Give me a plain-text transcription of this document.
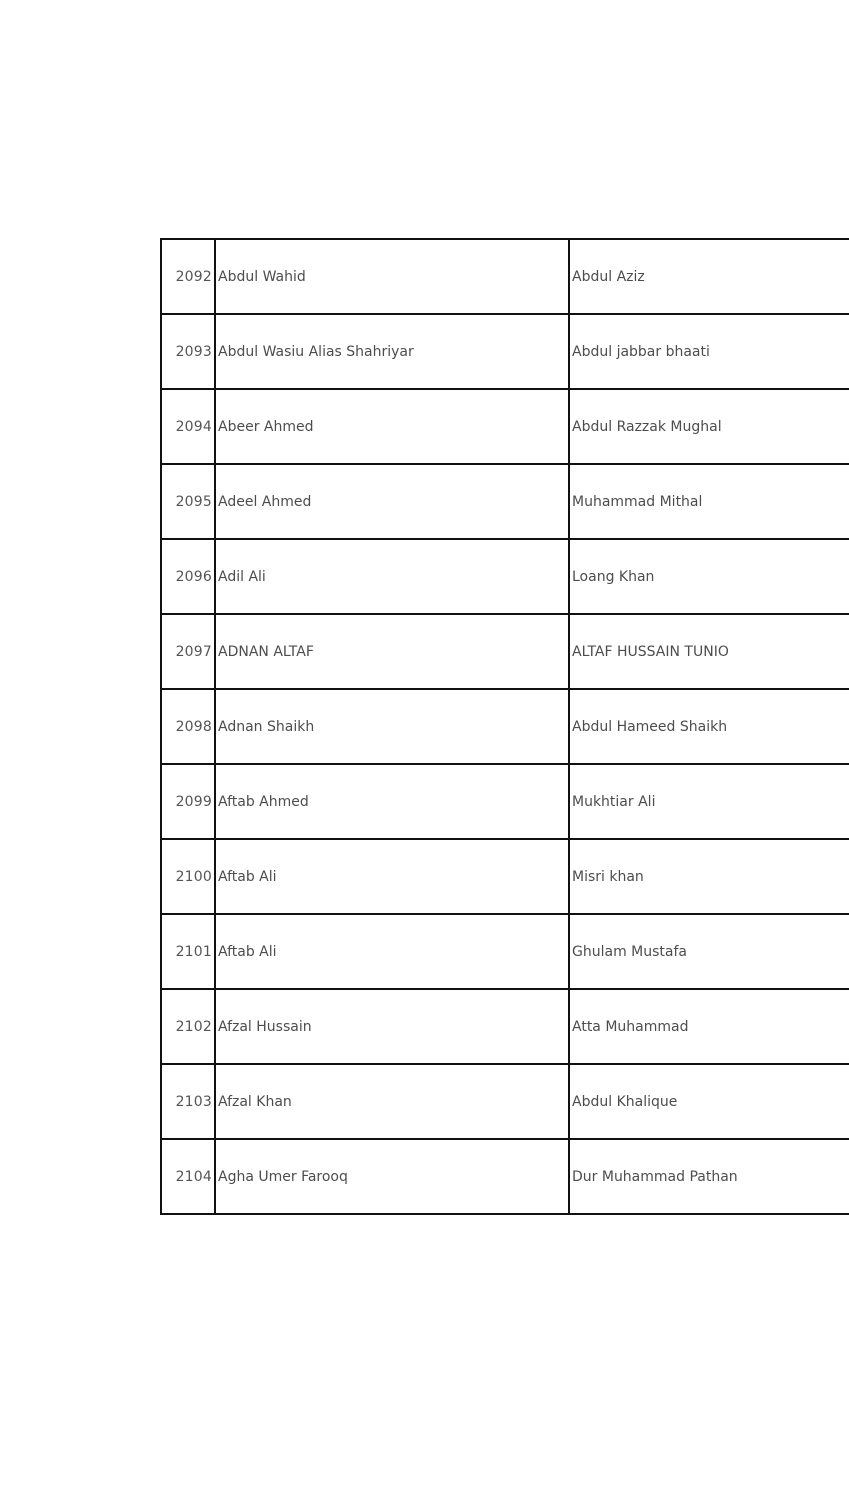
2092	Abdul Wahid	Abdul Aziz
2093	Abdul Wasiu Alias Shahriyar	Abdul jabbar bhaati
2094	Abeer Ahmed	Abdul Razzak Mughal
2095	Adeel Ahmed	Muhammad Mithal
2096	Adil Ali	Loang Khan
2097	ADNAN ALTAF	ALTAF HUSSAIN TUNIO
2098	Adnan Shaikh	Abdul Hameed Shaikh
2099	Aftab Ahmed	Mukhtiar Ali
2100	Aftab Ali	Misri khan
2101	Aftab Ali	Ghulam Mustafa
2102	Afzal Hussain	Atta Muhammad
2103	Afzal Khan	Abdul Khalique
2104	Agha Umer Farooq	Dur Muhammad Pathan
